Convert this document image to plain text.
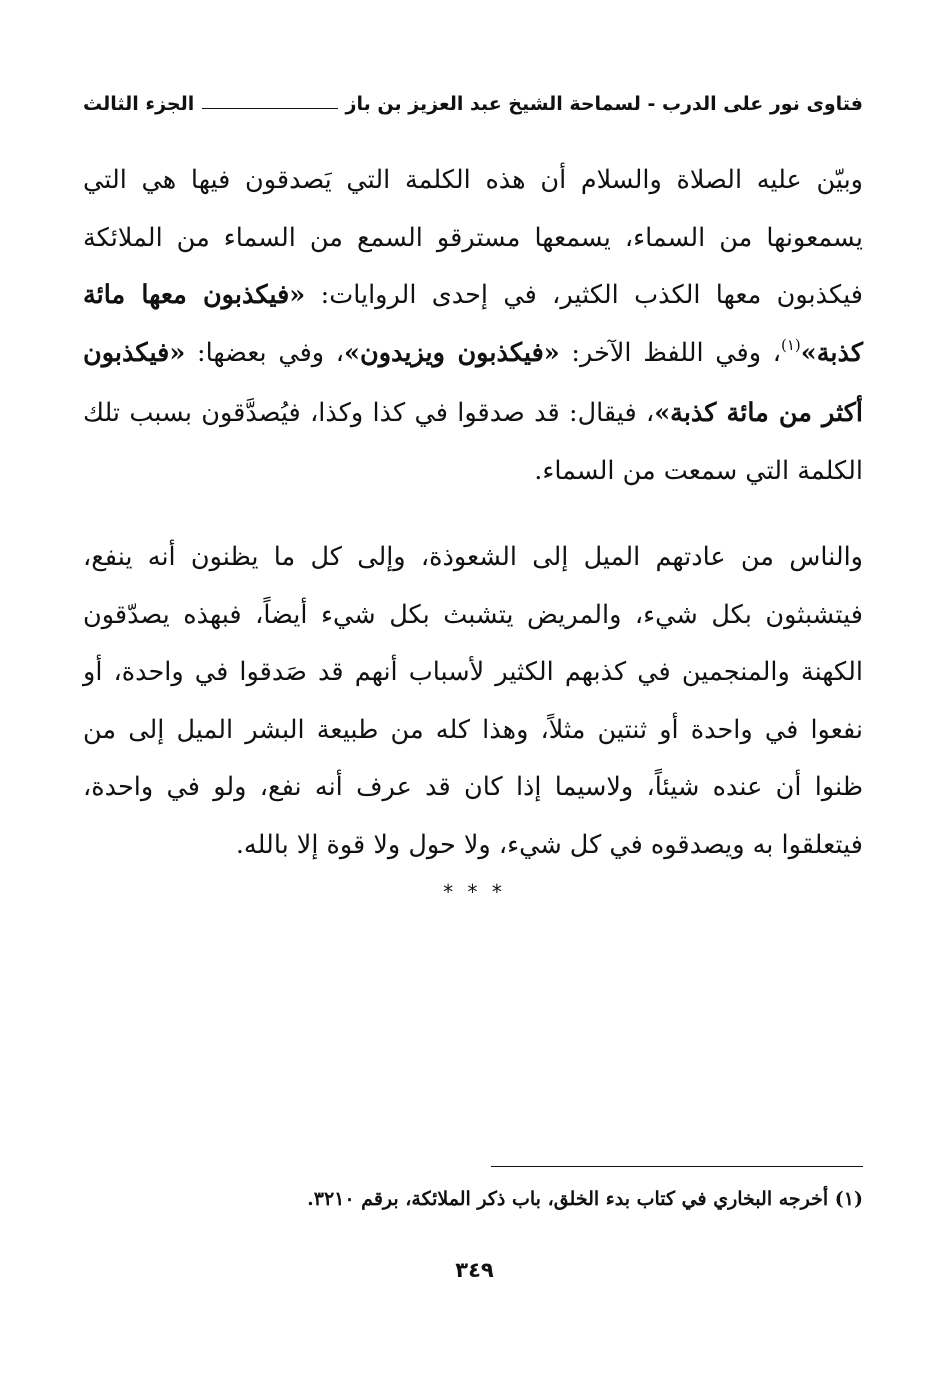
فتاوى نور على الدرب - لسماحة الشيخ عبد العزيز بن باز
الجزء الثالث

وبيّن عليه الصلاة والسلام أن هذه الكلمة التي يَصدقون فيها هي التي يسمعونها من السماء، يسمعها مسترقو السمع من السماء من الملائكة فيكذبون معها الكذب الكثير، في إحدى الروايات: «فيكذبون معها مائة كذبة»$^{(١)}$، وفي اللفظ الآخر: «فيكذبون ويزيدون»، وفي بعضها: «فيكذبون أكثر من مائة كذبة»، فيقال: قد صدقوا في كذا وكذا، فيُصدَّقون بسبب تلك الكلمة التي سمعت من السماء.

والناس من عادتهم الميل إلى الشعوذة، وإلى كل ما يظنون أنه ينفع، فيتشبثون بكل شيء، والمريض يتشبث بكل شيء أيضاً، فبهذه يصدّقون الكهنة والمنجمين في كذبهم الكثير لأسباب أنهم قد صَدقوا في واحدة، أو نفعوا في واحدة أو ثنتين مثلاً، وهذا كله من طبيعة البشر الميل إلى من ظنوا أن عنده شيئاً، ولاسيما إذا كان قد عرف أنه نفع، ولو في واحدة، فيتعلقوا به ويصدقوه في كل شيء، ولا حول ولا قوة إلا بالله.

* * *

(١) أخرجه البخاري في كتاب بدء الخلق، باب ذكر الملائكة، برقم ٣٢١٠.

٣٤٩
